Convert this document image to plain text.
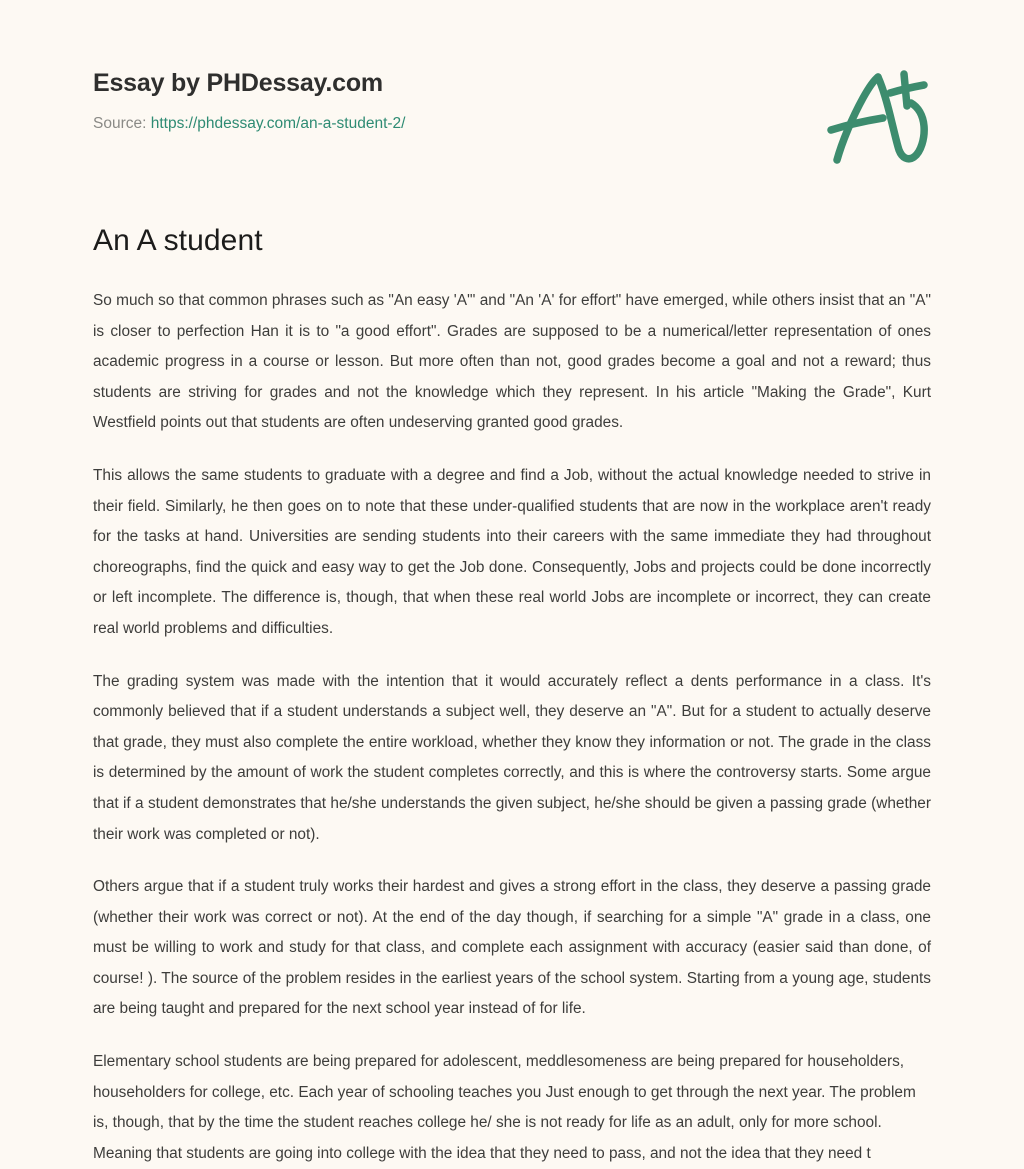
Essay by PHDessay.com
Source: https://phdessay.com/an-a-student-2/
An A student

So much so that common phrases such as "An easy 'A'" and "An 'A' for effort" have emerged, while others insist that an "A" is closer to perfection Han it is to "a good effort". Grades are supposed to be a numerical/letter representation of ones academic progress in a course or lesson. But more often than not, good grades become a goal and not a reward; thus students are striving for grades and not the knowledge which they represent. In his article "Making the Grade", Kurt Westfield points out that students are often undeserving granted good grades.

This allows the same students to graduate with a degree and find a Job, without the actual knowledge needed to strive in their field. Similarly, he then goes on to note that these under-qualified students that are now in the workplace aren't ready for the tasks at hand. Universities are sending students into their careers with the same immediate they had throughout choreographs, find the quick and easy way to get the Job done. Consequently, Jobs and projects could be done incorrectly or left incomplete. The difference is, though, that when these real world Jobs are incomplete or incorrect, they can create real world problems and difficulties.

The grading system was made with the intention that it would accurately reflect a dents performance in a class. It's commonly believed that if a student understands a subject well, they deserve an "A". But for a student to actually deserve that grade, they must also complete the entire workload, whether they know they information or not. The grade in the class is determined by the amount of work the student completes correctly, and this is where the controversy starts. Some argue that if a student demonstrates that he/she understands the given subject, he/she should be given a passing grade (whether their work was completed or not).

Others argue that if a student truly works their hardest and gives a strong effort in the class, they deserve a passing grade (whether their work was correct or not). At the end of the day though, if searching for a simple "A" grade in a class, one must be willing to work and study for that class, and complete each assignment with accuracy (easier said than done, of course! ). The source of the problem resides in the earliest years of the school system. Starting from a young age, students are being taught and prepared for the next school year instead of for life.

Elementary school students are being prepared for adolescent, meddlesomeness are being prepared for householders, householders for college, etc. Each year of schooling teaches you Just enough to get through the next year. The problem is, though, that by the time the student reaches college he/ she is not ready for life as an adult, only for more school. Meaning that students are going into college with the idea that they need to pass, and not the idea that they need t
